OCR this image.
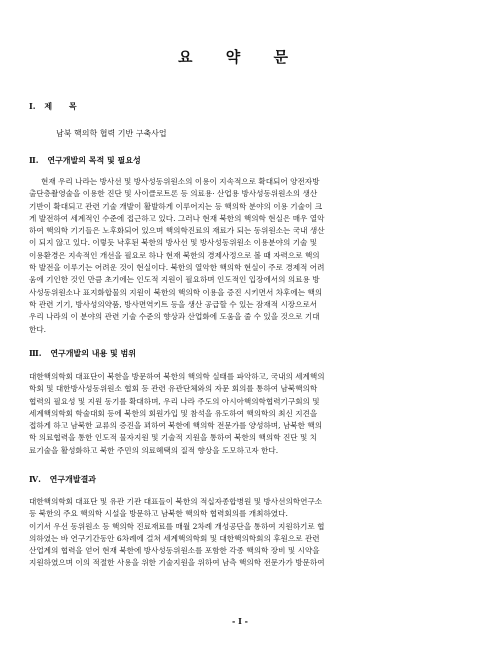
요 약 문
Ⅰ. 제 목
남북 핵의학 협력 기반 구축사업
Ⅱ. 연구개발의 목적 및 필요성
현재 우리 나라는 방사선 및 방사성동위원소의 이용이 지속적으로 확대되어 양전자방
출단층촬영술을 이용한 진단 및 사이클로트론 등 의료용· 산업용 방사성동위원소의 생산
기반이 확대되고 관련 기술 개발이 활발하게 이루어지는 등 핵의학 분야의 이용 기술이 크
게 발전하여 세계적인 수준에 접근하고 있다. 그러나 현재 북한의 핵의학 현실은 매우 열악
하여 핵의학 기기들은 노후화되어 있으며 핵의학진료의 재료가 되는 동위원소는 국내 생산
이 되지 않고 있다. 이렇듯 낙후된 북한의 방사선 및 방사성동위원소 이용분야의 기술 및
이용환경은 지속적인 개선을 필요로 하나 현재 북한의 경제사정으로 볼 때 자력으로 핵의
학 발전을 이루기는 어려운 것이 현실이다. 북한의 열악한 핵의학 현실이 주로 경제적 어려
움에 기인한 것인 만큼 초기에는 인도적 지원이 필요하며 인도적인 입장에서의 의료용 방
사성동위원소나 표지화합물의 지원이 북한의 핵의학 이용을 증진 시키면서 차후에는 핵의
학 관련 기기, 방사성의약품, 방사면역키트 등을 생산 공급할 수 있는 잠재적 시장으로서
우리 나라의 이 분야의 관련 기술 수준의 향상과 산업화에 도움을 줄 수 있을 것으로 기대
한다.
Ⅲ. 연구개발의 내용 및 범위
대한핵의학회 대표단이 북한을 방문하여 북한의 핵의학 실태를 파악하고, 국내의 세계핵의
학회 및 대한방사성동위원소 협회 등 관련 유관단체와의 자문 회의를 통하여 남북핵의학
협력의 필요성 및 지원 동기를 확대하며, 우리 나라 주도의 아시아핵의학협력기구회의 및
세계핵의학회 학술대회 등에 북한의 회원가입 및 참석을 유도하여 핵의학의 최신 지견을
접하게 하고 남북한 교류의 증진을 꾀하여 북한에 핵의학 전문가를 양성하며, 남북한 핵의
학 의료협력을 통한 인도적 물자지원 및 기술적 지원을 통하여 북한의 핵의학 진단 및 치
료기술을 활성화하고 북한 주민의 의료혜택의 질적 향상을 도모하고자 한다.
Ⅳ. 연구개발결과
대한핵의학회 대표단 및 유관 기관 대표들이 북한의 적십자종합병원 및 방사선의학연구소
등 북한의 주요 핵의학 시설을 방문하고 남북한 핵의학 협력회의를 개최하였다.
이기서 우선 동위원소 등 핵의학 진료재료를 매월 2차례 개성공단을 통하여 지원하기로 협
의하였는 바 연구기간동안 6차례에 걸쳐 세계핵의학회 및 대한핵의학회의 후원으로 관련
산업계의 협력을 얻어 현재 북한에 방사성동위원소를 포함한 각종 핵의학 장비 및 시약을
지원하였으며 이의 적절한 사용을 위한 기술지원을 위하여 남측 핵의학 전문가가 방문하여
- I -
